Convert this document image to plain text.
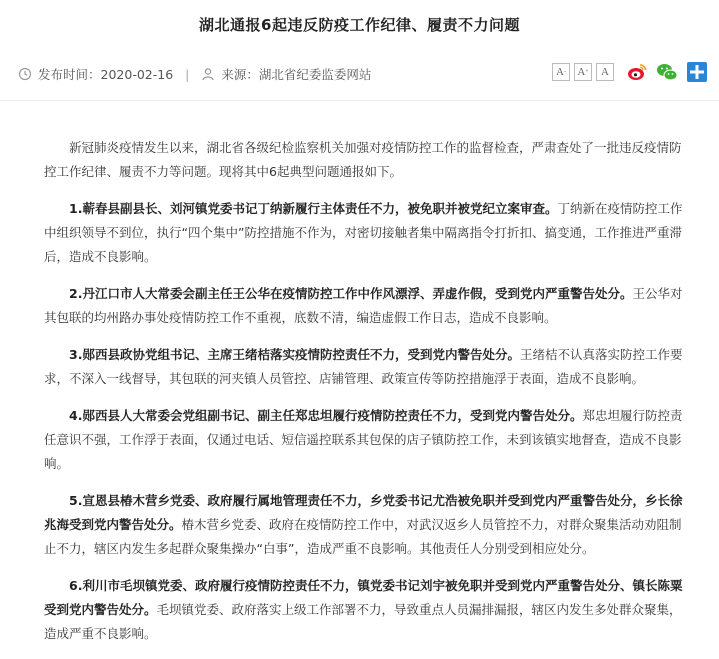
湖北通报6起违反防疫工作纪律、履责不力问题
发布时间： 2020-02-16 |	来源： 湖北省纪委监委网站	A - A + A

新冠肺炎疫情发生以来，湖北省各级纪检监察机关加强对疫情防控工作的监督检查，严肃查处了一批违反疫情防控工作纪律、履责不力等问题。现将其中6起典型问题通报如下。

1.蕲春县副县长、刘河镇党委书记丁纳新履行主体责任不力，被免职并被党纪立案审查。丁纳新在疫情防控工作中组织领导不到位，执行“四个集中”防控措施不作为，对密切接触者集中隔离指令打折扣、搞变通，工作推进严重滞后，造成不良影响。

2.丹江口市人大常委会副主任王公华在疫情防控工作中作风漂浮、弄虚作假，受到党内严重警告处分。王公华对其包联的均州路办事处疫情防控工作不重视，底数不清，编造虚假工作日志，造成不良影响。

3.郧西县政协党组书记、主席王绪桔落实疫情防控责任不力，受到党内警告处分。王绪桔不认真落实防控工作要求，不深入一线督导，其包联的河夹镇人员管控、店铺管理、政策宣传等防控措施浮于表面，造成不良影响。

4.郧西县人大常委会党组副书记、副主任郑忠坦履行疫情防控责任不力，受到党内警告处分。郑忠坦履行防控责任意识不强，工作浮于表面，仅通过电话、短信遥控联系其包保的店子镇防控工作，未到该镇实地督查，造成不良影响。

5.宣恩县椿木营乡党委、政府履行属地管理责任不力，乡党委书记尤浩被免职并受到党内严重警告处分，乡长徐兆海受到党内警告处分。椿木营乡党委、政府在疫情防控工作中，对武汉返乡人员管控不力，对群众聚集活动劝阻制止不力，辖区内发生多起群众聚集操办“白事”，造成严重不良影响。其他责任人分别受到相应处分。

6.利川市毛坝镇党委、政府履行疫情防控责任不力，镇党委书记刘宇被免职并受到党内严重警告处分、镇长陈粟受到党内警告处分。毛坝镇党委、政府落实上级工作部署不力，导致重点人员漏排漏报，辖区内发生多处群众聚集，造成严重不良影响。
